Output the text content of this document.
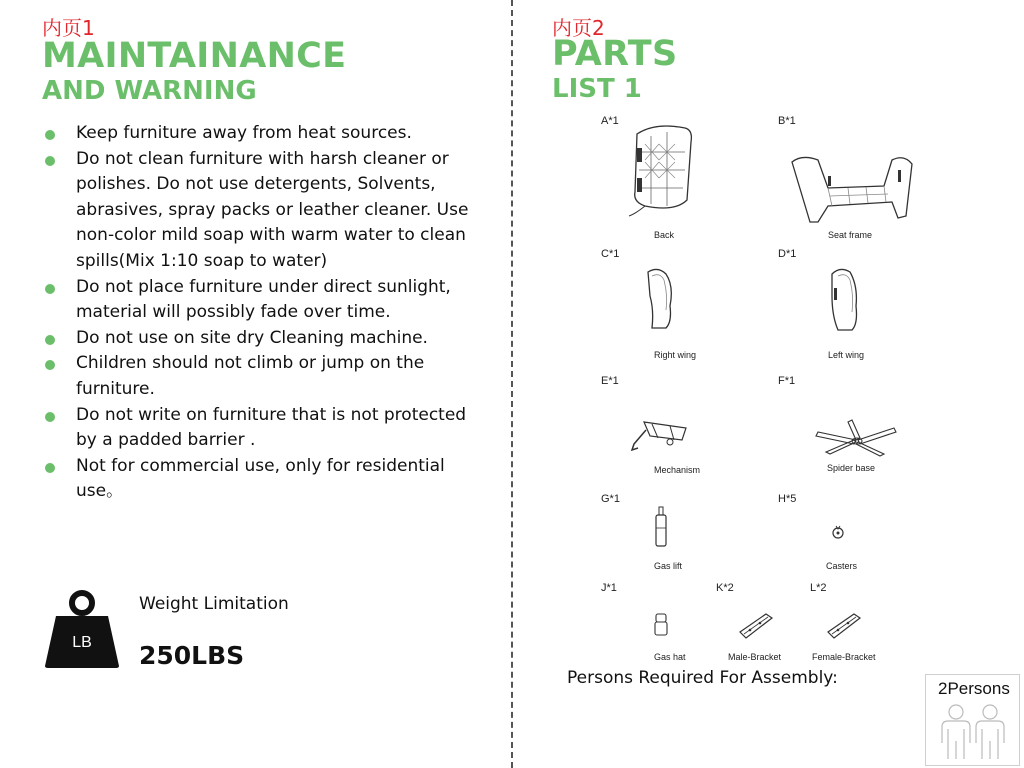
内页1
MAINTAINANCE
AND WARNING
Keep furniture away from heat sources.
Do not clean furniture with harsh cleaner or
polishes. Do not use detergents, Solvents,
abrasives, spray packs or leather cleaner. Use
non-color mild soap with warm water to clean
spills(Mix 1:10 soap to water)
Do not place furniture under direct sunlight,
material will possibly fade over time.
Do not use on site dry Cleaning machine.
Children should not climb or jump on the
furniture.
Do not write on furniture that is not protected
by a padded barrier .
Not for commercial use, only for residential
use。
LB
Weight Limitation
250LBS
内页2
PARTS
LIST 1
A*1
Back
B*1
Seat frame
C*1
Right wing
D*1
Left wing
E*1
Mechanism
F*1
Spider base
G*1
Gas lift
H*5
Casters
J*1
Gas hat
K*2
Male-Bracket
L*2
Female-Bracket
Persons Required For Assembly:
2Persons
